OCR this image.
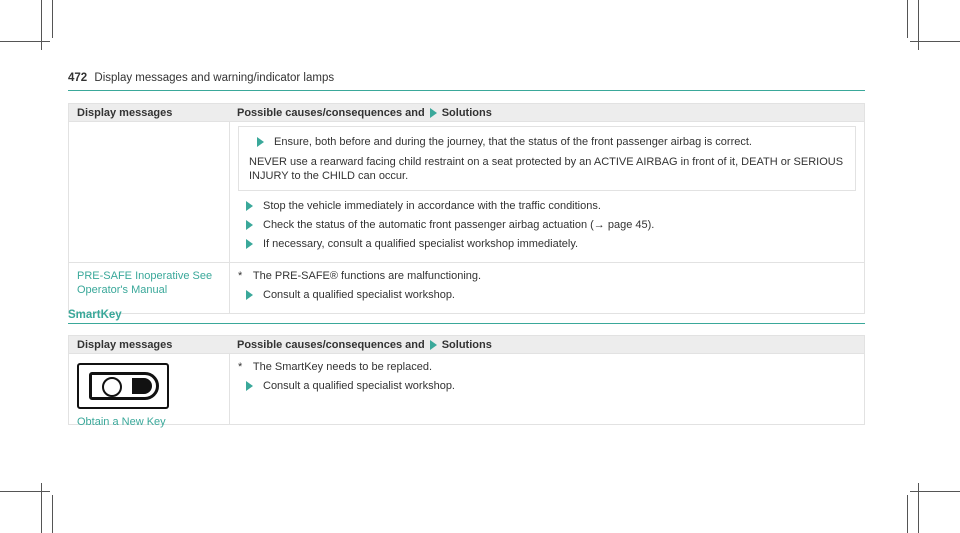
472 Display messages and warning/indicator lamps
Display messages	Possible causes/consequences and Solutions
Ensure, both before and during the journey, that the status of the front passenger airbag is correct.

NEVER use a rearward facing child restraint on a seat protected by an ACTIVE AIRBAG in front of it, DEATH or SERIOUS INJURY to the CHILD can occur.

Stop the vehicle immediately in accordance with the traffic conditions.
Check the status of the automatic front passenger airbag actuation (→ page 45).
If necessary, consult a qualified specialist workshop immediately.
PRE-SAFE Inoperative See Operator's Manual
* The PRE-SAFE® functions are malfunctioning.
Consult a qualified specialist workshop.
SmartKey
Display messages	Possible causes/consequences and Solutions
Obtain a New Key
* The SmartKey needs to be replaced.
Consult a qualified specialist workshop.
